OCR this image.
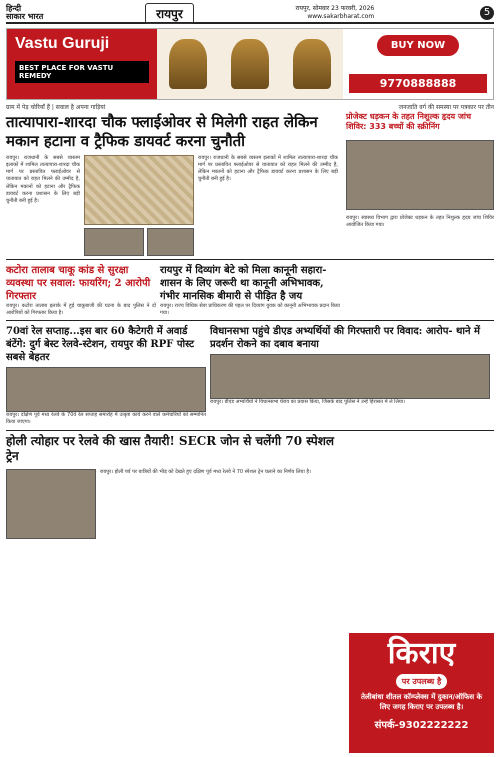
हिन्दी
साकार भारत	रायपुर	रायपुर, सोमवार 23 फरवरी, 2026
www.sakarbharat.com	5
Vastu Guruji
BEST PLACE FOR VASTU REMEDY
BUY NOW
9770888888
ग्राम में पेड़ चोरियाँ हैं | सवाल है अपना गाड़ियां	जनजाति वर्ग की समस्या पर पत्रकार पर तीन
तात्यापारा-शारदा चौक फ्लाईओवर से मिलेगी राहत लेकिन मकान हटाना व ट्रैफिक डायवर्ट करना चुनौती
रायपुर। राजधानी के सबसे व्यस्तम इलाकों में शामिल तात्यापारा-शारदा चौक मार्ग पर प्रस्तावित फ्लाईओवर से यातायात को राहत मिलने की उम्मीद है, लेकिन मकानों को हटाना और ट्रैफिक डायवर्ट करना प्रशासन के लिए बड़ी चुनौती बनी हुई है।
रायपुर। राजधानी के सबसे व्यस्तम इलाकों में शामिल तात्यापारा-शारदा चौक मार्ग पर प्रस्तावित फ्लाईओवर से यातायात को राहत मिलने की उम्मीद है, लेकिन मकानों को हटाना और ट्रैफिक डायवर्ट करना प्रशासन के लिए बड़ी चुनौती बनी हुई है।
प्रोजेक्ट धड़कन के तहत निशुल्क हृदय जांच शिविर: 333 बच्चों की स्क्रीनिंग
रायपुर। स्वास्थ्य विभाग द्वारा प्रोजेक्ट धड़कन के तहत निशुल्क हृदय जांच शिविर आयोजित किया गया।
कटोरा तालाब चाकू कांड से सुरक्षा व्यवस्था पर सवाल: फायरिंग; 2 आरोपी गिरफ्तार
रायपुर। कटोरा तालाब इलाके में हुई चाकूबाजी की घटना के बाद पुलिस ने दो आरोपियों को गिरफ्तार किया है।
रायपुर में दिव्यांग बेटे को मिला कानूनी सहारा-शासन के लिए जरूरी था कानूनी अभिभावक, गंभीर मानसिक बीमारी से पीड़ित है जय
रायपुर। राज्य विधिक सेवा प्राधिकरण की पहल पर दिव्यांग युवक को कानूनी अभिभावक प्रदान किया गया।
70वां रेल सप्ताह...इस बार 60 कैटेगरी में अवार्ड बंटेंगे: दुर्ग बेस्ट रेलवे-स्टेशन, रायपुर की RPF पोस्ट सबसे बेहतर
रायपुर। दक्षिण पूर्व मध्य रेलवे के 70वें रेल सप्ताह समारोह में उत्कृष्ट कार्य करने वाले कर्मचारियों को सम्मानित किया जाएगा।
विधानसभा पहुंचे डीएड अभ्यर्थियों की गिरफ्तारी पर विवाद: आरोप- थाने में प्रदर्शन रोकने का दबाव बनाया
रायपुर। डीएड अभ्यर्थियों ने विधानसभा घेराव का प्रयास किया, जिसके बाद पुलिस ने उन्हें हिरासत में ले लिया।
होली त्योहार पर रेलवे की खास तैयारी! SECR जोन से चलेंगी 70 स्पेशल ट्रेन
रायपुर। होली पर्व पर यात्रियों की भीड़ को देखते हुए दक्षिण पूर्व मध्य रेलवे ने 70 स्पेशल ट्रेन चलाने का निर्णय लिया है।
किराए
पर उपलब्ध है
तेलीबांधा शीतल कॉम्प्लेक्स में दुकान/ऑफिस के लिए जगह किराए पर उपलब्ध है।
संपर्क-9302222222
